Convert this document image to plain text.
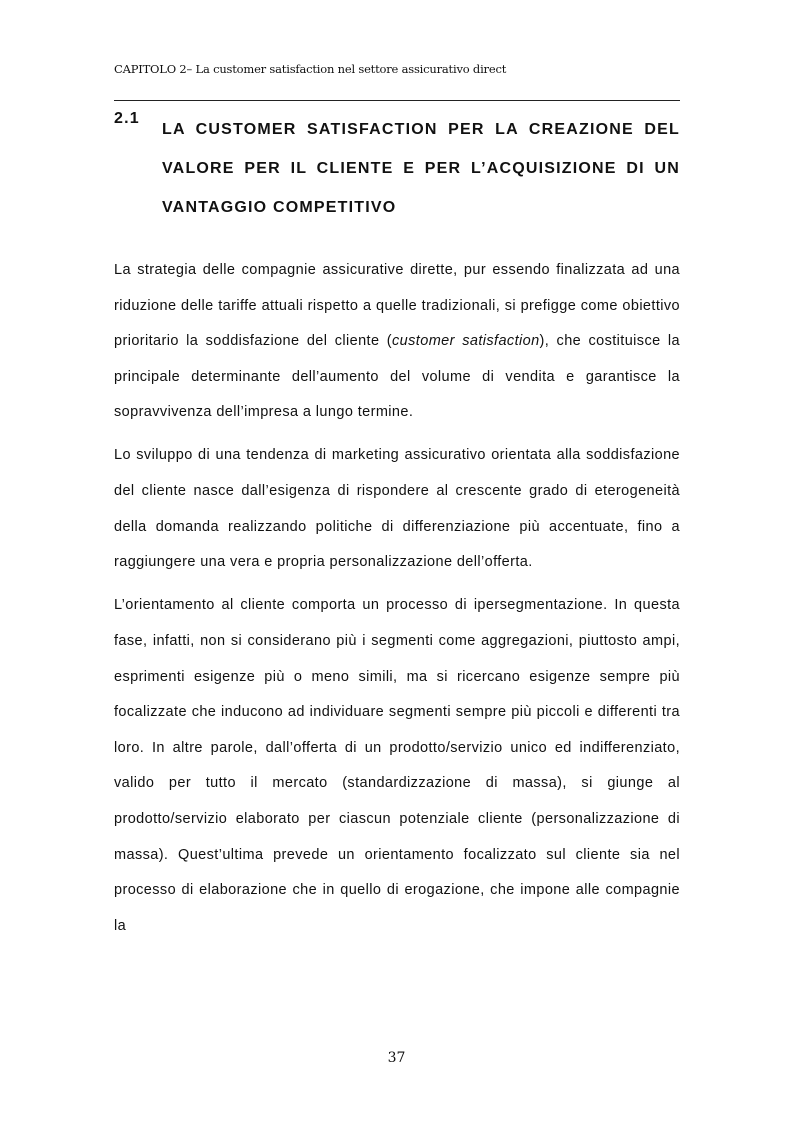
CAPITOLO 2– La customer satisfaction nel settore assicurativo direct
2.1
LA CUSTOMER SATISFACTION PER LA CREAZIONE DEL
VALORE PER IL CLIENTE E PER L’ACQUISIZIONE DI UN
VANTAGGIO COMPETITIVO

La strategia delle compagnie assicurative dirette, pur essendo finalizzata ad una riduzione delle tariffe attuali rispetto a quelle tradizionali, si prefigge come obiettivo prioritario la soddisfazione del cliente (customer satisfaction), che costituisce la principale determinante dell’aumento del volume di vendita e garantisce la sopravvivenza dell’impresa a lungo termine.

Lo sviluppo di una tendenza di marketing assicurativo orientata alla soddisfazione del cliente nasce dall’esigenza di rispondere al crescente grado di eterogeneità della domanda realizzando politiche di differenziazione più accentuate, fino a raggiungere una vera e propria personalizzazione dell’offerta.

L’orientamento al cliente comporta un processo di ipersegmentazione. In questa fase, infatti, non si considerano più i segmenti come aggregazioni, piuttosto ampi, esprimenti esigenze più o meno simili, ma si ricercano esigenze sempre più focalizzate che inducono ad individuare segmenti sempre più piccoli e differenti tra loro. In altre parole, dall’offerta di un prodotto/servizio unico ed indifferenziato, valido per tutto il mercato (standardizzazione di massa), si giunge al prodotto/servizio elaborato per ciascun potenziale cliente (personalizzazione di massa). Quest’ultima prevede un orientamento focalizzato sul cliente sia nel processo di elaborazione che in quello di erogazione, che impone alle compagnie la

37
